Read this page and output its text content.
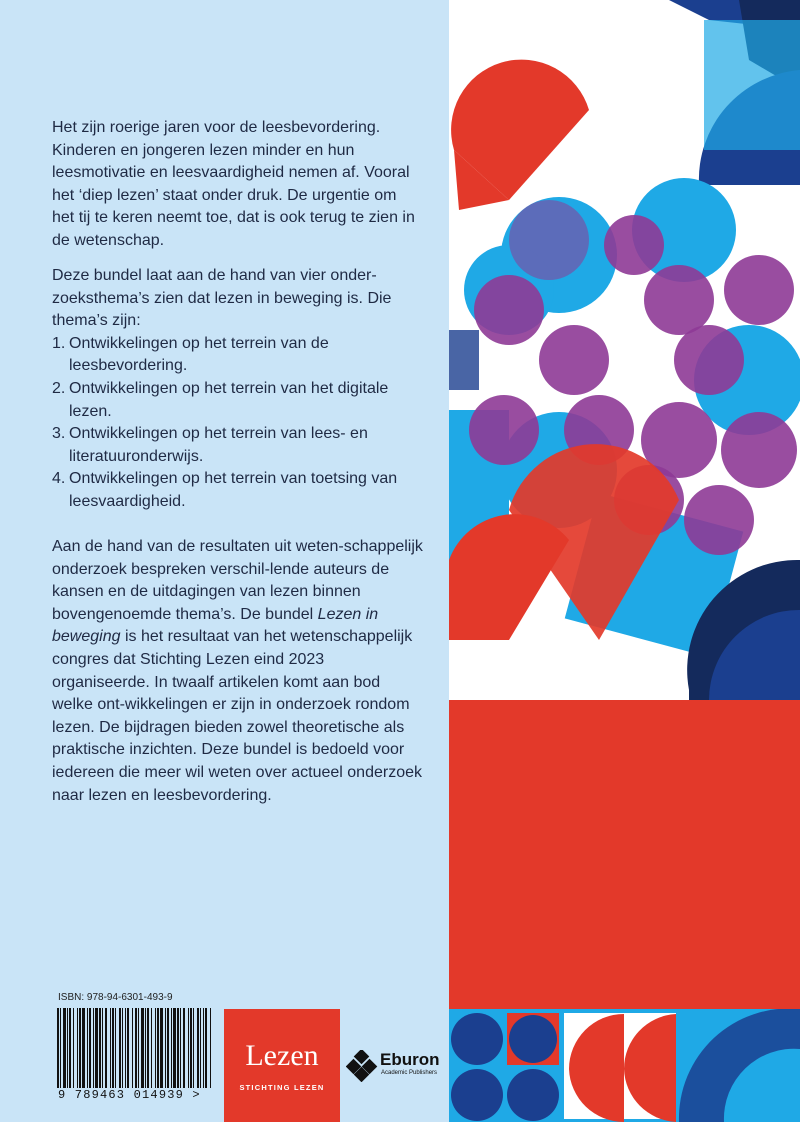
Het zijn roerige jaren voor de leesbevordering. Kinderen en jongeren lezen minder en hun leesmotivatie en leesvaardigheid nemen af. Vooral het ‘diep lezen’ staat onder druk. De urgentie om het tij te keren neemt toe, dat is ook terug te zien in de wetenschap.

Deze bundel laat aan de hand van vier onder-zoeksthema’s zien dat lezen in beweging is. Die thema’s zijn:

1. Ontwikkelingen op het terrein van de leesbevordering.
2. Ontwikkelingen op het terrein van het digitale lezen.
3. Ontwikkelingen op het terrein van lees- en literatuuronderwijs.
4. Ontwikkelingen op het terrein van toetsing van leesvaardigheid.

Aan de hand van de resultaten uit weten-schappelijk onderzoek bespreken verschil-lende auteurs de kansen en de uitdagingen van lezen binnen bovengenoemde thema’s. De bundel Lezen in beweging is het resultaat van het wetenschappelijk congres dat Stichting Lezen eind 2023 organiseerde. In twaalf artikelen komt aan bod welke ont-wikkelingen er zijn in onderzoek rondom lezen. De bijdragen bieden zowel theoretische als praktische inzichten. Deze bundel is bedoeld voor iedereen die meer wil weten over actueel onderzoek naar lezen en leesbevordering.

ISBN: 978-94-6301-493-9
9 789463 014939 >
Lezen
STICHTING LEZEN
Eburon
Academic Publishers
